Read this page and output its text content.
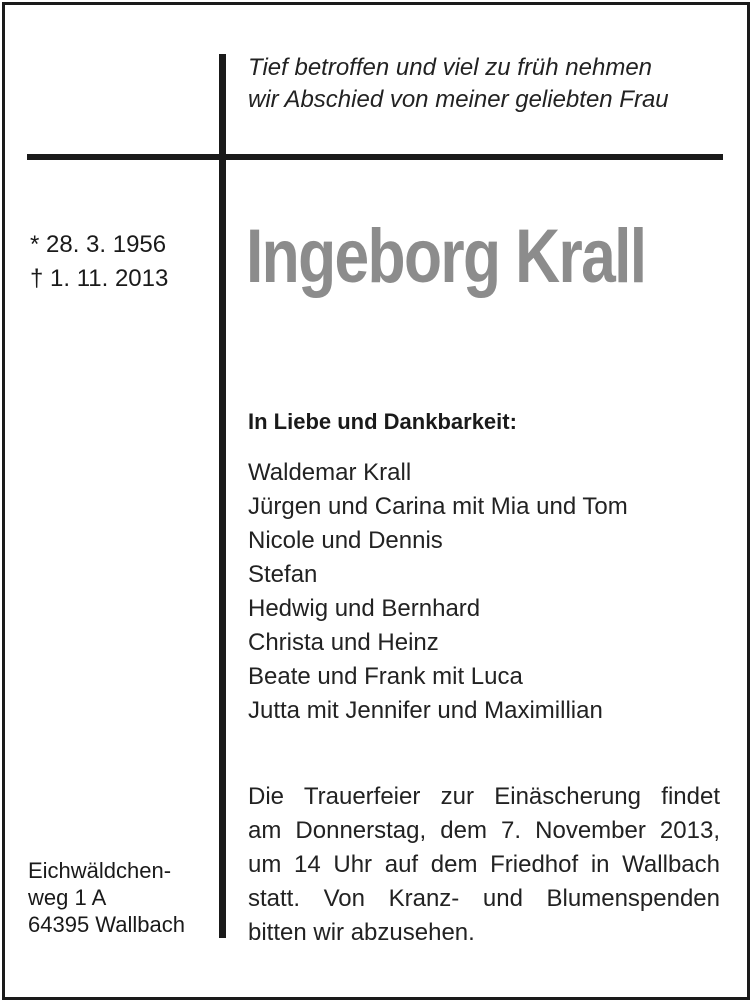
Tief betroffen und viel zu früh nehmen
wir Abschied von meiner geliebten Frau
* 28. 3. 1956
† 1. 11. 2013 Ingeborg Krall
In Liebe und Dankbarkeit:
Waldemar Krall
Jürgen und Carina mit Mia und Tom
Nicole und Dennis
Stefan
Hedwig und Bernhard
Christa und Heinz
Beate und Frank mit Luca
Jutta mit Jennifer und Maximillian
Die Trauerfeier zur Einäscherung findet
am Donnerstag, dem 7. November 2013,
um 14 Uhr auf dem Friedhof in Wallbach
statt. Von Kranz- und Blumenspenden
bitten wir abzusehen.
Eichwäldchen-
weg 1 A
64395 Wallbach
